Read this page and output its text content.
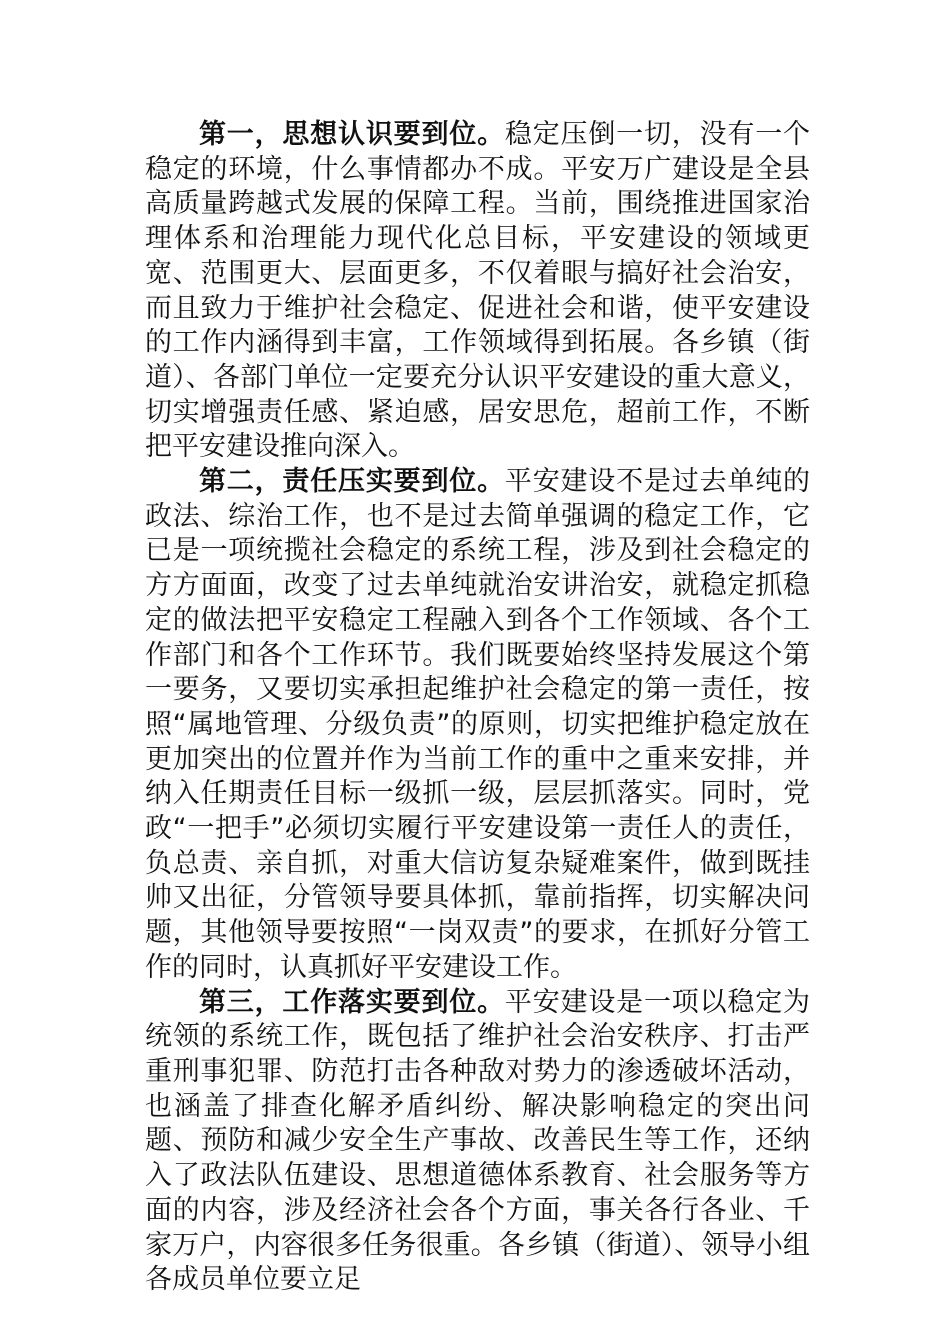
第一，思想认识要到位。稳定压倒一切，没有一个稳定的环境，什么事情都办不成。平安万广建设是全县高质量跨越式发展的保障工程。当前，围绕推进国家治理体系和治理能力现代化总目标，平安建设的领域更宽、范围更大、层面更多，不仅着眼与搞好社会治安，而且致力于维护社会稳定、促进社会和谐，使平安建设的工作内涵得到丰富，工作领域得到拓展。各乡镇（街道）、各部门单位一定要充分认识平安建设的重大意义，切实增强责任感、紧迫感，居安思危，超前工作，不断把平安建设推向深入。

第二，责任压实要到位。平安建设不是过去单纯的政法、综治工作，也不是过去简单强调的稳定工作，它已是一项统揽社会稳定的系统工程，涉及到社会稳定的方方面面，改变了过去单纯就治安讲治安，就稳定抓稳定的做法把平安稳定工程融入到各个工作领域、各个工作部门和各个工作环节。我们既要始终坚持发展这个第一要务，又要切实承担起维护社会稳定的第一责任，按照“属地管理、分级负责”的原则，切实把维护稳定放在更加突出的位置并作为当前工作的重中之重来安排，并纳入任期责任目标一级抓一级，层层抓落实。同时，党政“一把手”必须切实履行平安建设第一责任人的责任，负总责、亲自抓，对重大信访复杂疑难案件，做到既挂帅又出征，分管领导要具体抓，靠前指挥，切实解决问题，其他领导要按照“一岗双责”的要求，在抓好分管工作的同时，认真抓好平安建设工作。

第三，工作落实要到位。平安建设是一项以稳定为统领的系统工作，既包括了维护社会治安秩序、打击严重刑事犯罪、防范打击各种敌对势力的渗透破坏活动，也涵盖了排查化解矛盾纠纷、解决影响稳定的突出问题、预防和减少安全生产事故、改善民生等工作，还纳入了政法队伍建设、思想道德体系教育、社会服务等方面的内容，涉及经济社会各个方面，事关各行各业、千家万户，内容很多任务很重。各乡镇（街道）、领导小组各成员单位要立足
